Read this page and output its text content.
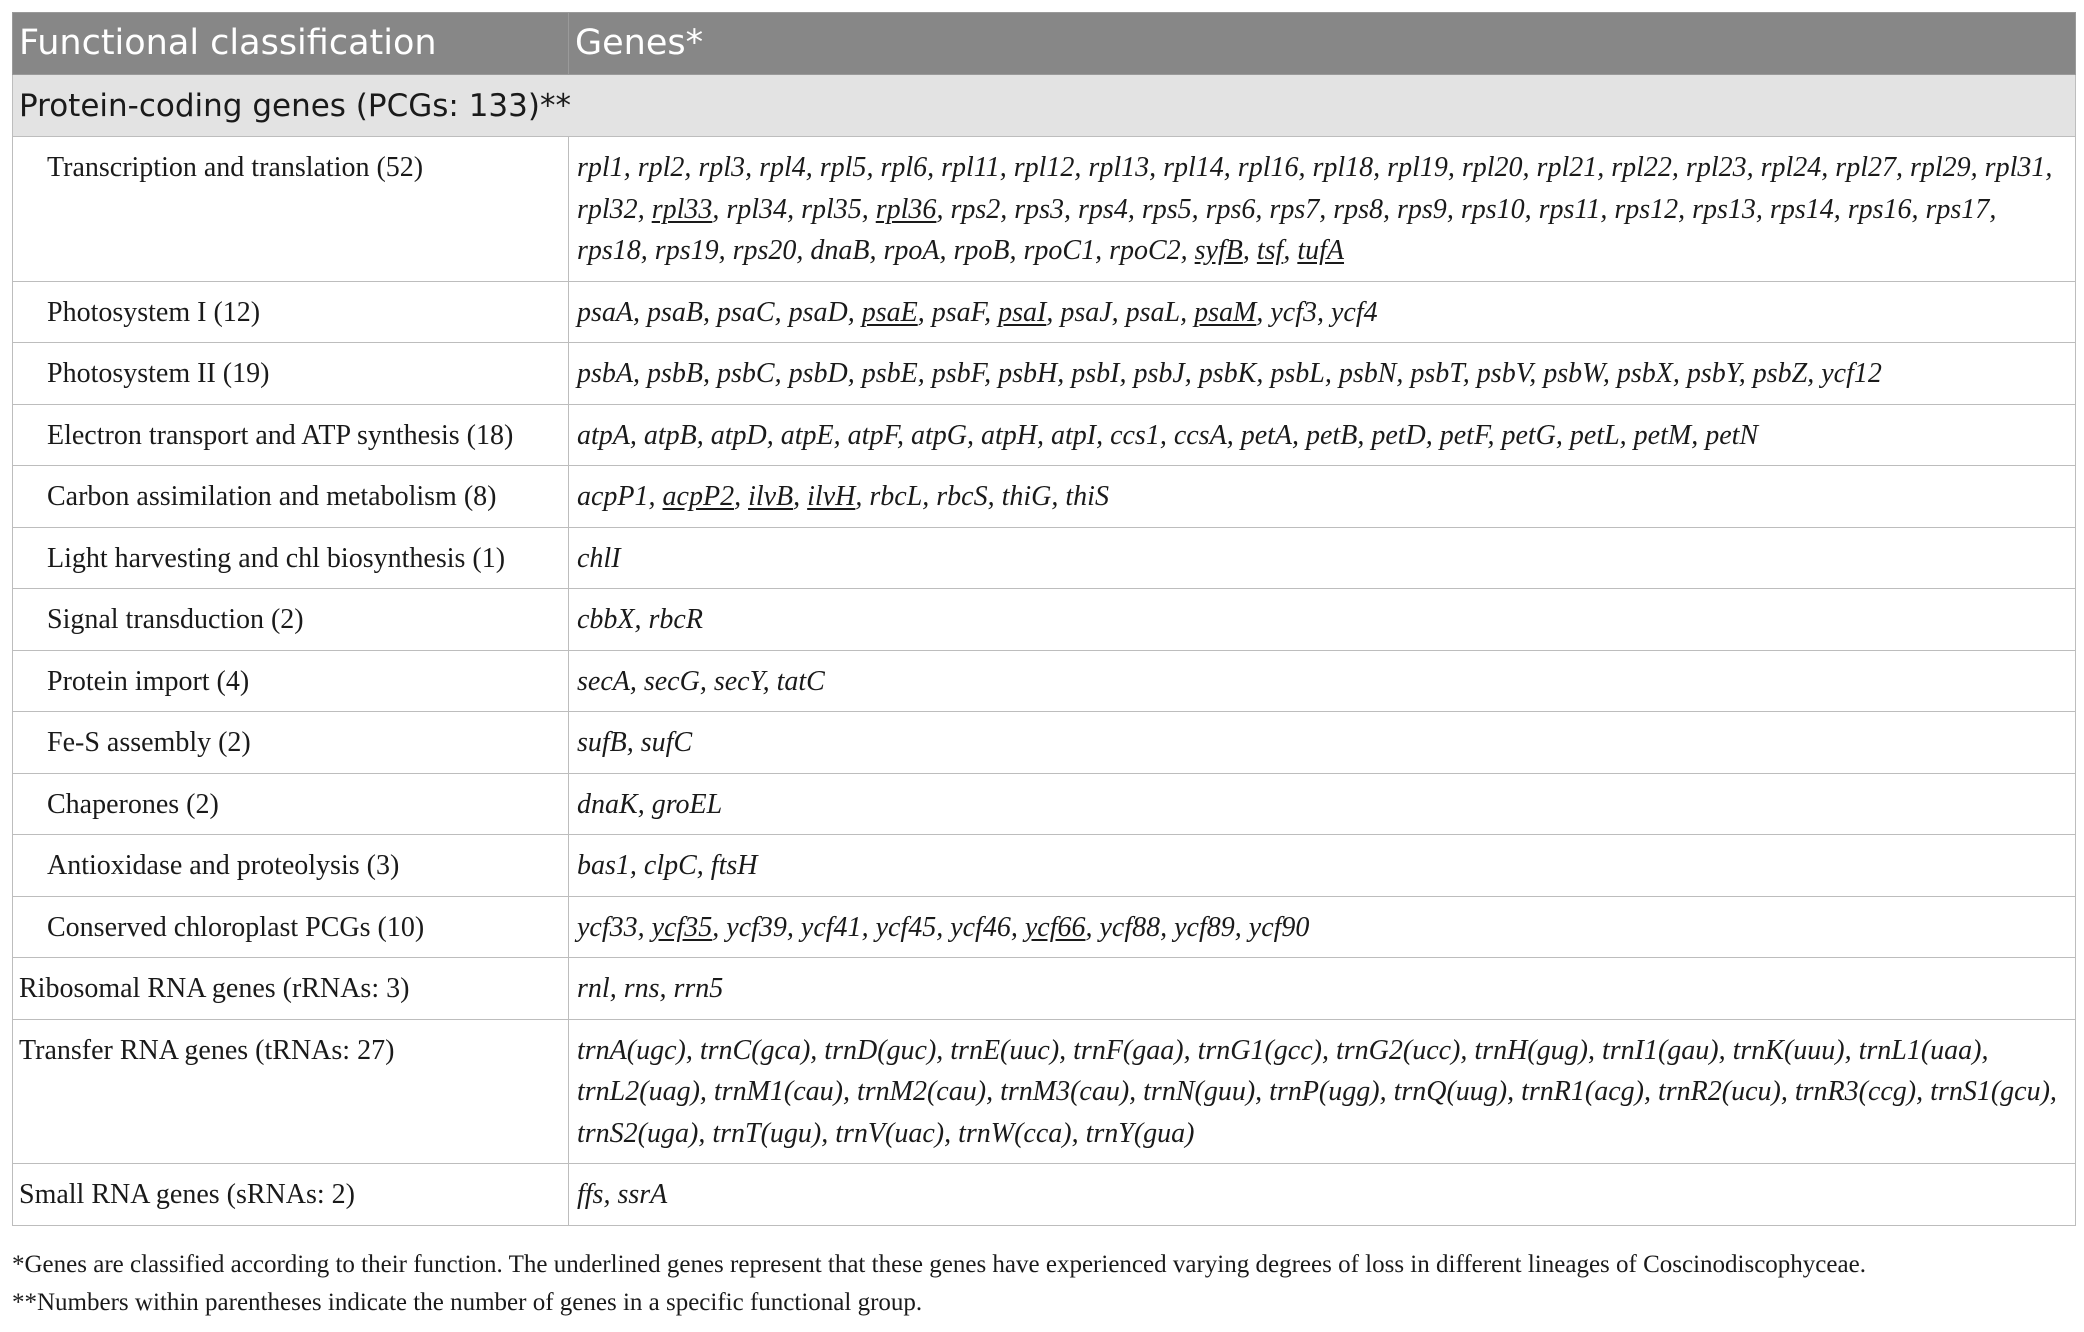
Functional classification	Genes*
Protein-coding genes (PCGs: 133)**	
Transcription and translation (52)	rpl1, rpl2, rpl3, rpl4, rpl5, rpl6, rpl11, rpl12, rpl13, rpl14, rpl16, rpl18, rpl19, rpl20, rpl21, rpl22, rpl23, rpl24, rpl27, rpl29, rpl31, rpl32, rpl33, rpl34, rpl35, rpl36, rps2, rps3, rps4, rps5, rps6, rps7, rps8, rps9, rps10, rps11, rps12, rps13, rps14, rps16, rps17, rps18, rps19, rps20, dnaB, rpoA, rpoB, rpoC1, rpoC2, syfB, tsf, tufA
Photosystem I (12)	psaA, psaB, psaC, psaD, psaE, psaF, psaI, psaJ, psaL, psaM, ycf3, ycf4
Photosystem II (19)	psbA, psbB, psbC, psbD, psbE, psbF, psbH, psbI, psbJ, psbK, psbL, psbN, psbT, psbV, psbW, psbX, psbY, psbZ, ycf12
Electron transport and ATP synthesis (18)	atpA, atpB, atpD, atpE, atpF, atpG, atpH, atpI, ccs1, ccsA, petA, petB, petD, petF, petG, petL, petM, petN
Carbon assimilation and metabolism (8)	acpP1, acpP2, ilvB, ilvH, rbcL, rbcS, thiG, thiS
Light harvesting and chl biosynthesis (1)	chlI
Signal transduction (2)	cbbX, rbcR
Protein import (4)	secA, secG, secY, tatC
Fe-S assembly (2)	sufB, sufC
Chaperones (2)	dnaK, groEL
Antioxidase and proteolysis (3)	bas1, clpC, ftsH
Conserved chloroplast PCGs (10)	ycf33, ycf35, ycf39, ycf41, ycf45, ycf46, ycf66, ycf88, ycf89, ycf90
Ribosomal RNA genes (rRNAs: 3)	rnl, rns, rrn5
Transfer RNA genes (tRNAs: 27)	trnA(ugc), trnC(gca), trnD(guc), trnE(uuc), trnF(gaa), trnG1(gcc), trnG2(ucc), trnH(gug), trnI1(gau), trnK(uuu), trnL1(uaa), trnL2(uag), trnM1(cau), trnM2(cau), trnM3(cau), trnN(guu), trnP(ugg), trnQ(uug), trnR1(acg), trnR2(ucu), trnR3(ccg), trnS1(gcu), trnS2(uga), trnT(ugu), trnV(uac), trnW(cca), trnY(gua)
Small RNA genes (sRNAs: 2)	ffs, ssrA
*Genes are classified according to their function. The underlined genes represent that these genes have experienced varying degrees of loss in different lineages of Coscinodiscophyceae.
**Numbers within parentheses indicate the number of genes in a specific functional group.
